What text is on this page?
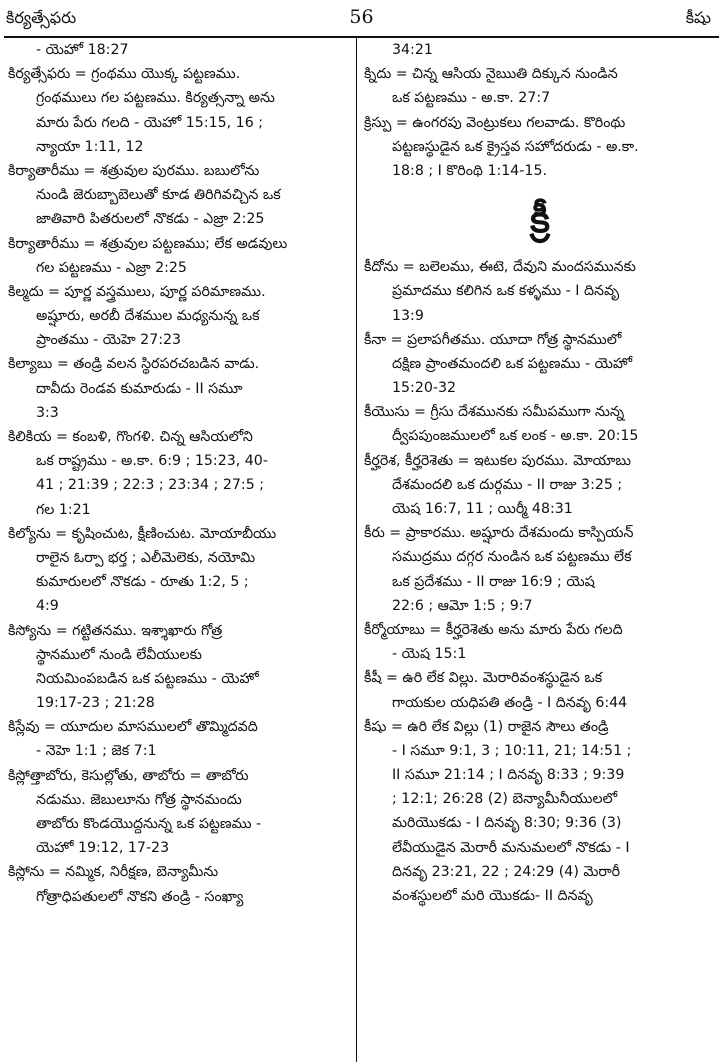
కిర్యత్సేఫరు	56	కీషు
- యెహో 18:27
కిర్యత్సేఫరు = గ్రంథము యొక్క పట్టణము.
గ్రంథములు గల పట్టణము. కిర్యత్సన్నా అను
మారు పేరు గలది - యెహో 15:15, 16 ;
న్యాయా 1:11, 12
కిర్యాతారీము = శత్రువుల పురము. బబులోను
నుండి జెరుబ్బాబెలుతో కూడ తిరిగివచ్చిన ఒక
జాతివారి పితరులలో నొకడు - ఎజ్రా 2:25
కిర్యాతారీము = శత్రువుల పట్టణము; లేక అడవులు
గల పట్టణము - ఎజ్రా 2:25
కిల్మదు = పూర్ణ వస్త్రములు, పూర్ణ పరిమాణము.
అష్షూరు, అరబీ దేశముల మధ్యనున్న ఒక
ప్రాంతము - యెహె 27:23
కిల్యాబు = తండ్రి వలన స్థిరపరచబడిన వాడు.
దావీదు రెండవ కుమారుడు - II సమూ
3:3
కిలికియ = కంబళి, గొంగళి. చిన్న ఆసియలోని
ఒక రాష్ట్రము - అ.కా. 6:9 ; 15:23, 40-
41 ; 21:39 ; 22:3 ; 23:34 ; 27:5 ;
గల 1:21
కిల్యోను = కృషించుట, క్షీణించుట. మోయాబీయు
రాలైన ఓర్పా భర్త ; ఎలీమెలెకు, నయోమి
కుమారులలో నొకడు - రూతు 1:2, 5 ;
4:9
కిస్యోను = గట్టితనము. ఇశ్శాఖారు గోత్ర
స్థానములో నుండి లేవీయులకు
నియమింపబడిన ఒక పట్టణము - యెహో
19:17-23 ; 21:28
కిస్లేవు = యూదుల మాసములలో తొమ్మిదవది
- నెహె 1:1 ; జెక 7:1
కిస్లోత్తాబోరు, కెసుల్లోతు, తాబోరు = తాబోరు
నడుము. జెబులూను గోత్ర స్థానమందు
తాబోరు కొండయొద్దనున్న ఒక పట్టణము -
యెహో 19:12, 17-23
కిస్లోను = నమ్మిక, నిరీక్షణ, బెన్యామీను
గోత్రాధిపతులలో నొకని తండ్రి - సంఖ్యా
34:21
క్నిదు = చిన్న ఆసియ నైఋతి దిక్కున నుండిన
ఒక పట్టణము - అ.కా. 27:7
క్రిస్పు = ఉంగరపు వెంట్రుకలు గలవాడు. కొరింథు
పట్టణస్థుడైన ఒక క్రైస్తవ సహోదరుడు - అ.కా.
18:8 ; I కొరింథి 1:14-15.
క్రీ
కీదోను = బలెలము, ఈటె, దేవుని మందసమునకు
ప్రమాదము కలిగిన ఒక కళ్ళము - I దినవృ
13:9
కీనా = ప్రలాపగీతము. యూదా గోత్ర స్థానములో
దక్షిణ ప్రాంతమందలి ఒక పట్టణము - యెహో
15:20-32
కీయొసు = గ్రీసు దేశమునకు సమీపముగా నున్న
ద్వీపపుంజములలో ఒక లంక - అ.కా. 20:15
కీర్హరెశ, కీర్హరెశెతు = ఇటుకల పురము. మోయాబు
దేశమందలి ఒక దుర్గము - II రాజు 3:25 ;
యెష 16:7, 11 ; యిర్మీ 48:31
కీరు = ప్రాకారము. అష్షూరు దేశమందు కాస్పియన్
సముద్రము దగ్గర నుండిన ఒక పట్టణము లేక
ఒక ప్రదేశము - II రాజు 16:9 ; యెష
22:6 ; ఆమో 1:5 ; 9:7
కీర్మోయాబు = కీర్హరెశెతు అను మారు పేరు గలది
- యెష 15:1
కీషీ = ఉరి లేక విల్లు. మెరారివంశస్థుడైన ఒక
గాయకుల యధిపతి తండ్రి - I దినవృ 6:44
కీషు = ఉరి లేక విల్లు (1) రాజైన సౌలు తండ్రి
- I సమూ 9:1, 3 ; 10:11, 21; 14:51 ;
II సమూ 21:14 ; I దినవృ 8:33 ; 9:39
; 12:1; 26:28 (2) బెన్యామీనీయులలో
మరియొకడు - I దినవృ 8:30; 9:36 (3)
లేవీయుడైన మెరారీ మనుమలలో నొకడు - I
దినవృ 23:21, 22 ; 24:29 (4) మెరారీ
వంశస్థులలో మరి యొకడు- II దినవృ
